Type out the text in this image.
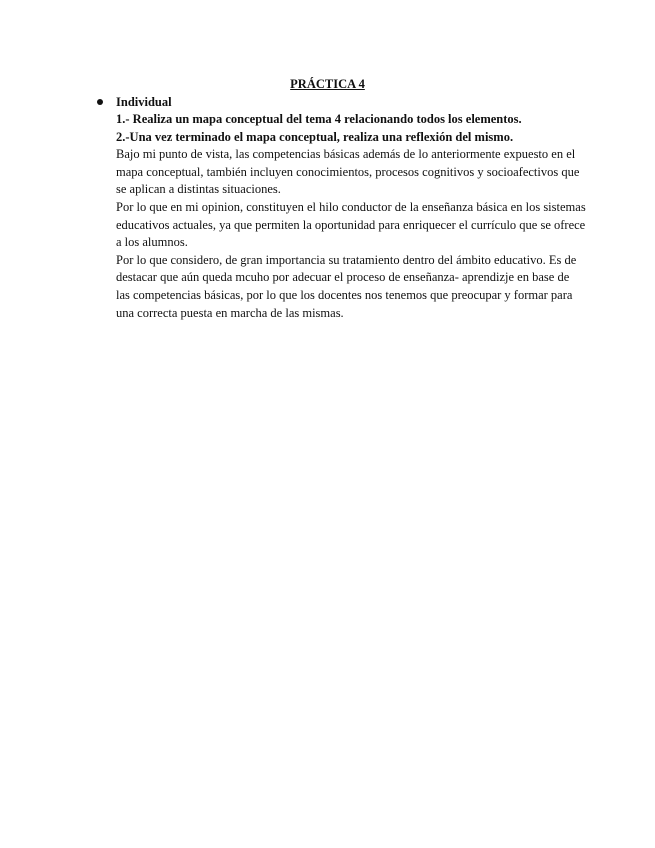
PRÁCTICA 4
Individual
1.- Realiza un mapa conceptual del tema 4 relacionando todos los elementos.
2.-Una vez terminado el mapa conceptual, realiza una reflexión del mismo.

Bajo mi punto de vista, las competencias básicas además de lo anteriormente expuesto en el mapa conceptual, también incluyen conocimientos, procesos cognitivos y socioafectivos que se aplican a distintas situaciones.

Por lo que en mi opinion, constituyen el hilo conductor de la enseñanza básica en los sistemas educativos actuales, ya que permiten la oportunidad para enriquecer el currículo que se ofrece a los alumnos.

Por lo que considero, de gran importancia su tratamiento dentro del ámbito educativo. Es de destacar que aún queda mcuho por adecuar el proceso de enseñanza- aprendizje en base de las competencias básicas, por lo que los docentes nos tenemos que preocupar y formar para una correcta puesta en marcha de las mismas.
